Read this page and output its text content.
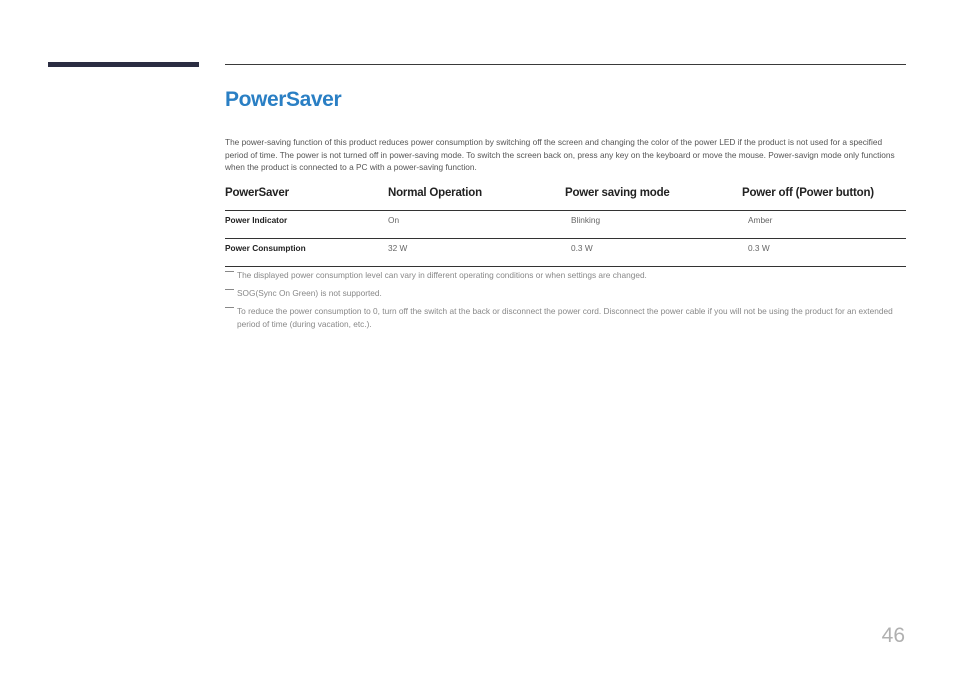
PowerSaver

The power-saving function of this product reduces power consumption by switching off the screen and changing the color of the power LED if the product is not used for a specified period of time. The power is not turned off in power-saving mode. To switch the screen back on, press any key on the keyboard or move the mouse. Power-savign mode only functions when the product is connected to a PC with a power-saving function.

PowerSaver	Normal Operation	Power saving mode	Power off (Power button)
Power Indicator	On	Blinking	Amber
Power Consumption	32 W	0.3 W	0.3 W
The displayed power consumption level can vary in different operating conditions or when settings are changed.
SOG(Sync On Green) is not supported.
To reduce the power consumption to 0, turn off the switch at the back or disconnect the power cord. Disconnect the power cable if you will not be using the product for an extended period of time (during vacation, etc.).
46
